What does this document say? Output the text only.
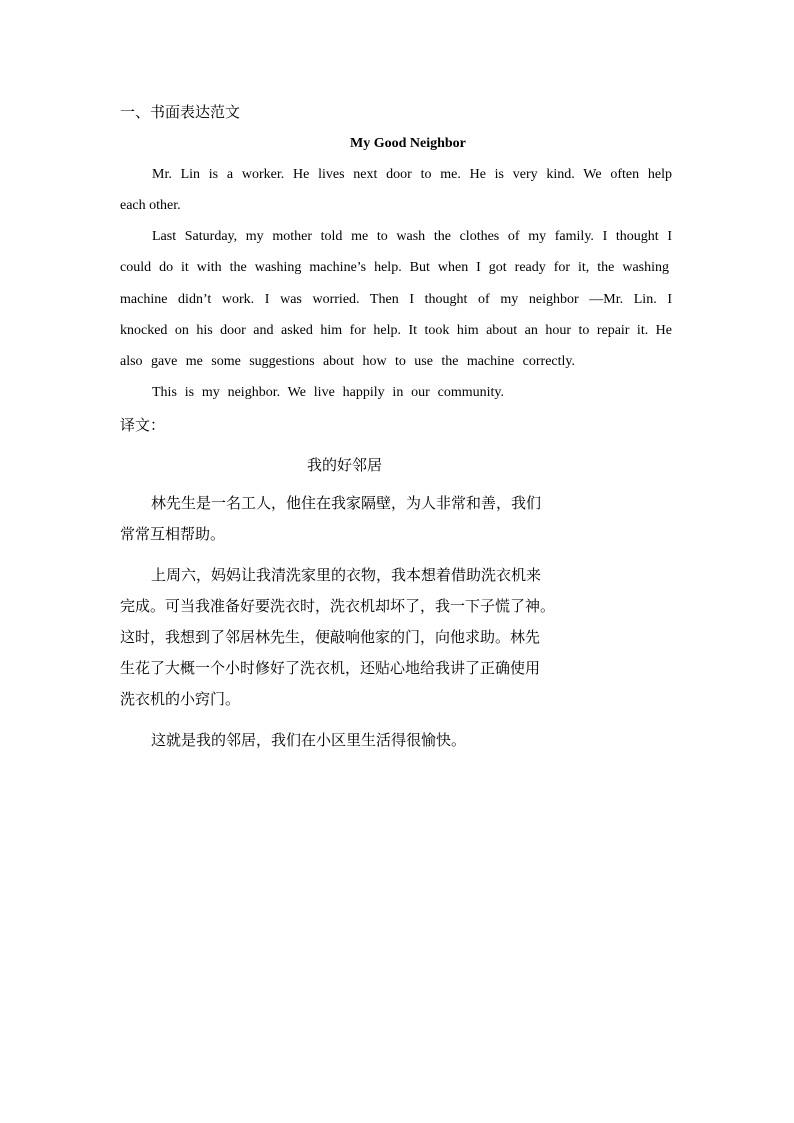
一、书面表达范文
My Good Neighbor
Mr. Lin is a worker. He lives next door to me. He is very kind. We often help
each other.
Last Saturday, my mother told me to wash the clothes of my family. I thought I
could do it with the washing machine’s help. But when I got ready for it, the washing
machine didn’t work. I was worried. Then I thought of my neighbor —Mr. Lin. I
knocked on his door and asked him for help. It took him about an hour to repair it. He
also gave me some suggestions about how to use the machine correctly.
This is my neighbor. We live happily in our community.
译文：
我的好邻居
林先生是一名工人，他住在我家隔壁，为人非常和善，我们
常常互相帮助。
上周六，妈妈让我清洗家里的衣物，我本想着借助洗衣机来
完成。可当我准备好要洗衣时，洗衣机却坏了，我一下子慌了神。
这时，我想到了邻居林先生，便敲响他家的门，向他求助。林先
生花了大概一个小时修好了洗衣机，还贴心地给我讲了正确使用
洗衣机的小窍门。
这就是我的邻居，我们在小区里生活得很愉快。
